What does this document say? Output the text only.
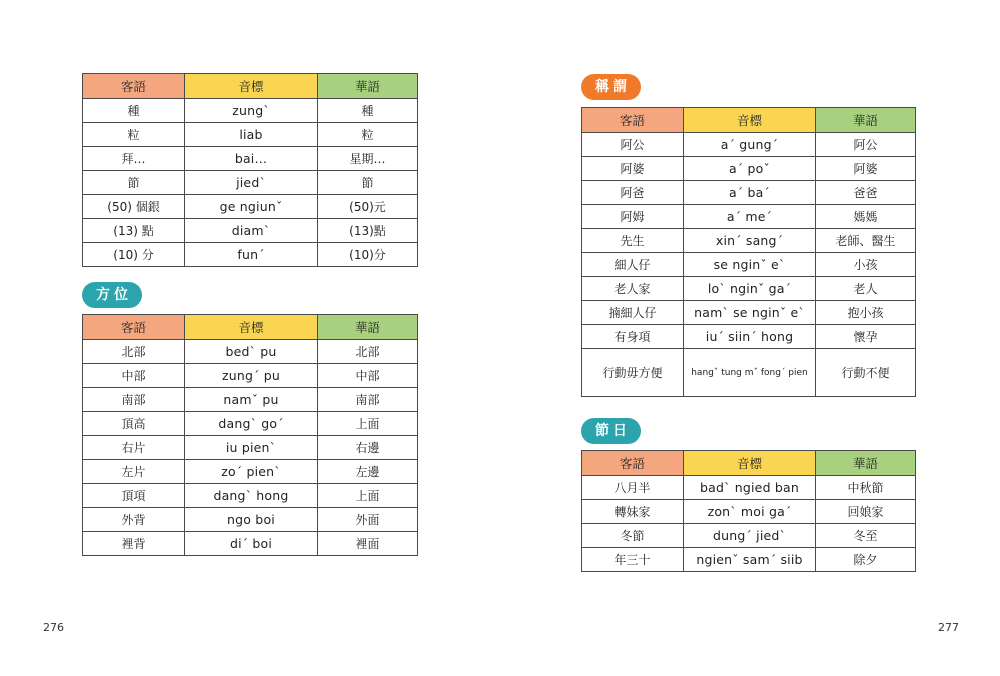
客語	音標	華語
種	zung`	種
粒	liab	粒
拜…	bai…	星期…
節	jied`	節
(50) 個銀	ge ngiunˇ	(50)元
(13) 點	diam`	(13)點
(10) 分	funˊ	(10)分
方位
客語	音標	華語
北部	bed` pu	北部
中部	zungˊ pu	中部
南部	namˇ pu	南部
頂高	dang` goˊ	上面
右片	iu pien`	右邊
左片	zoˊ pien`	左邊
頂項	dang` hong	上面
外背	ngo boi	外面
裡背	diˊ boi	裡面
276
稱謂
客語	音標	華語
阿公	aˊ gungˊ	阿公
阿婆	aˊ poˇ	阿婆
阿爸	aˊ baˊ	爸爸
阿姆	aˊ meˊ	媽媽
先生	xinˊ sangˊ	老師、醫生
細人仔	se nginˇ e`	小孩
老人家	lo` nginˇ gaˊ	老人
揇細人仔	nam` se nginˇ e`	抱小孩
有身項	iuˊ siinˊ hong	懷孕
行動毋方便	hangˇ tung mˇ fongˊ pien	行動不便
節日
客語	音標	華語
八月半	bad` ngied ban	中秋節
轉妹家	zon` moi gaˊ	回娘家
冬節	dungˊ jied`	冬至
年三十	ngienˇ samˊ siib	除夕
277
